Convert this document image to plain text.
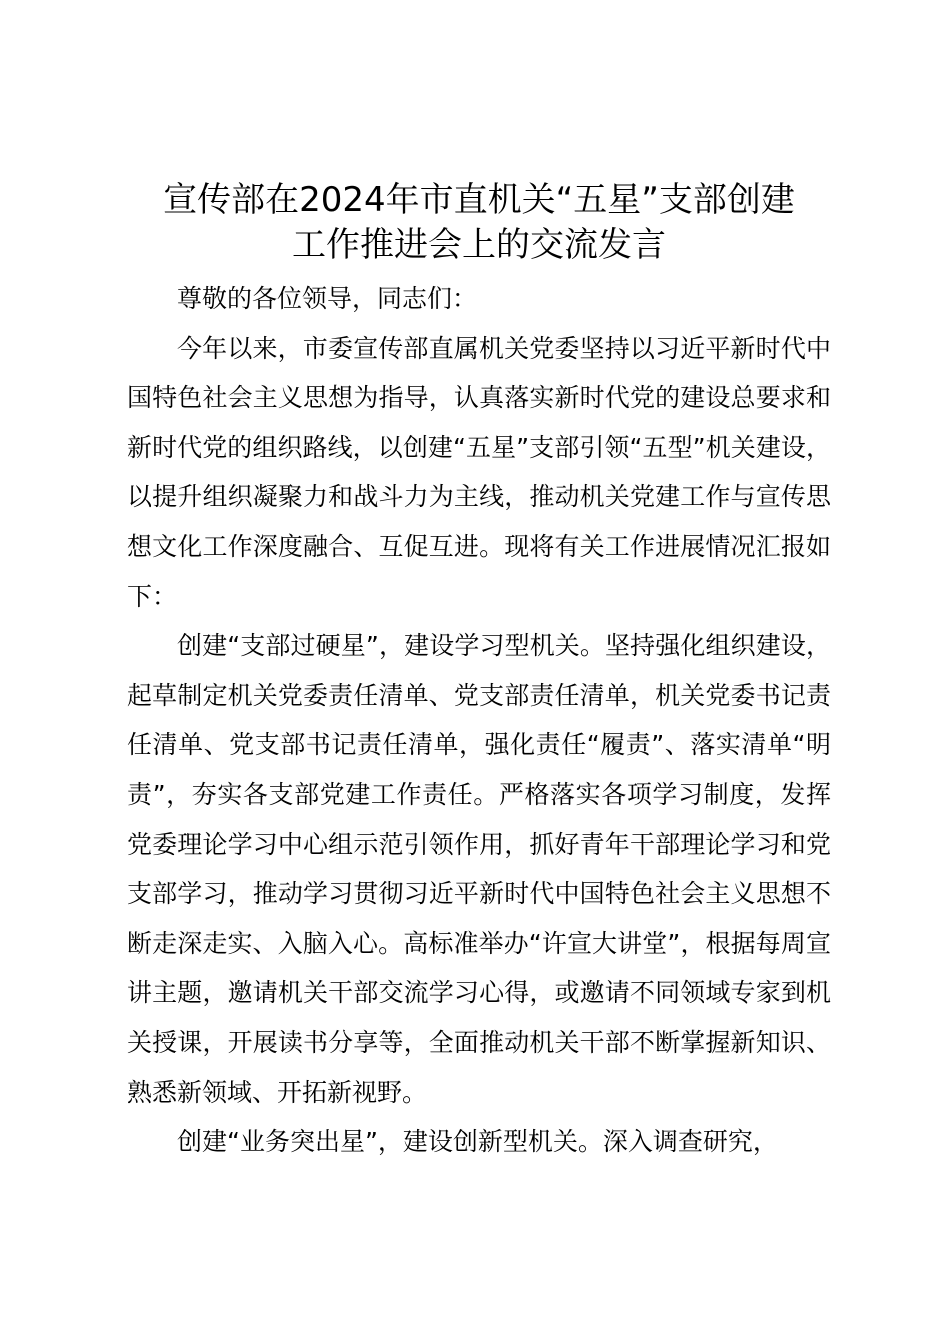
宣传部在2024年市直机关“五星”支部创建
工作推进会上的交流发言

尊敬的各位领导，同志们：

今年以来，市委宣传部直属机关党委坚持以习近平新时代中国特色社会主义思想为指导，认真落实新时代党的建设总要求和新时代党的组织路线，以创建“五星”支部引领“五型”机关建设，以提升组织凝聚力和战斗力为主线，推动机关党建工作与宣传思想文化工作深度融合、互促互进。现将有关工作进展情况汇报如下：

创建“支部过硬星”，建设学习型机关。坚持强化组织建设，起草制定机关党委责任清单、党支部责任清单，机关党委书记责任清单、党支部书记责任清单，强化责任“履责”、落实清单“明责”，夯实各支部党建工作责任。严格落实各项学习制度，发挥党委理论学习中心组示范引领作用，抓好青年干部理论学习和党支部学习，推动学习贯彻习近平新时代中国特色社会主义思想不断走深走实、入脑入心。高标准举办“许宣大讲堂”，根据每周宣讲主题，邀请机关干部交流学习心得，或邀请不同领域专家到机关授课，开展读书分享等，全面推动机关干部不断掌握新知识、熟悉新领域、开拓新视野。

创建“业务突出星”，建设创新型机关。深入调查研究，
